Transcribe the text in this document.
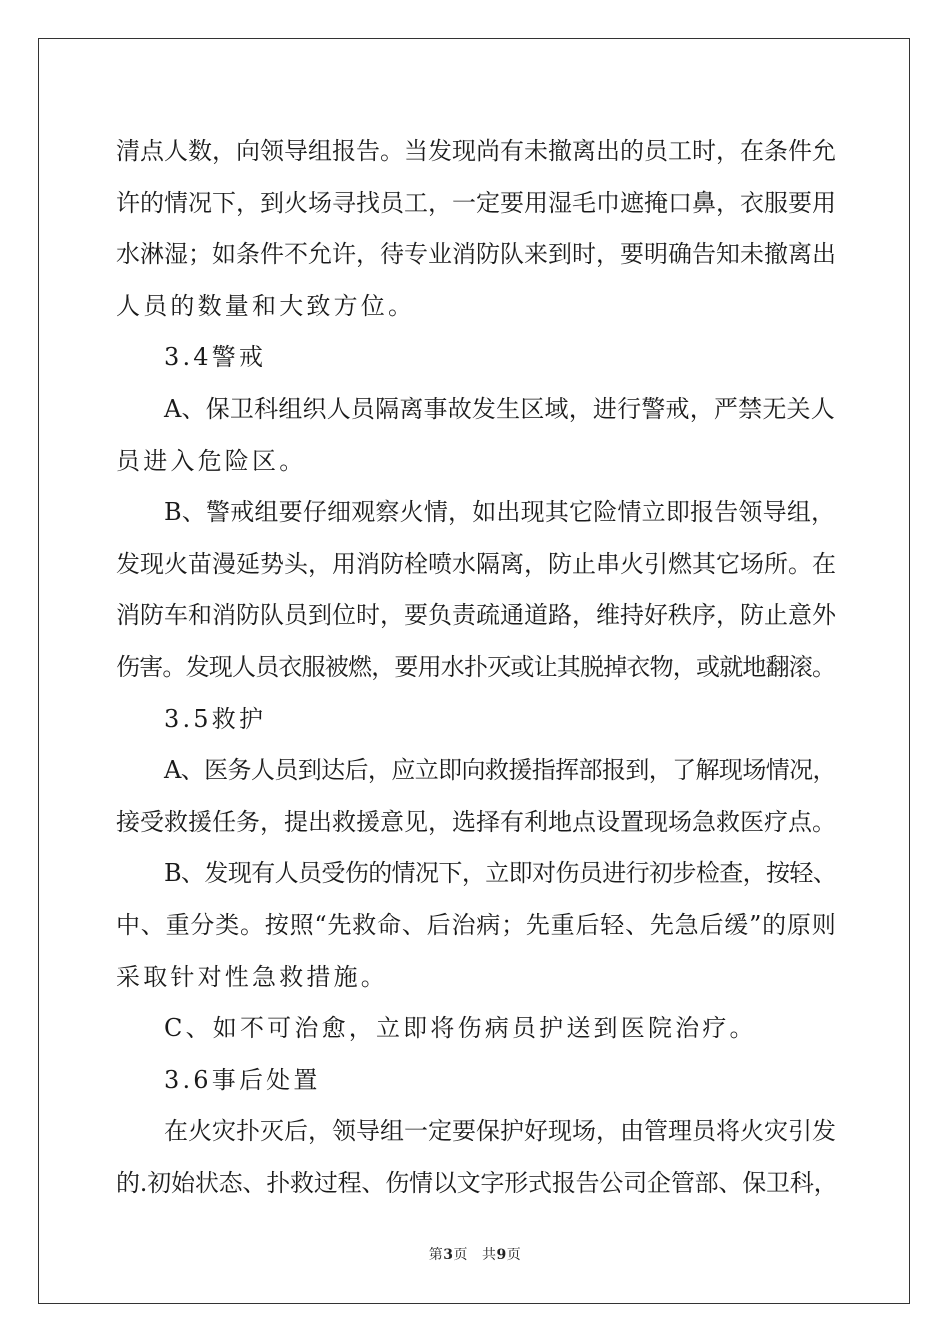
清点人数，向领导组报告。当发现尚有未撤离出的员工时，在条件允
许的情况下，到火场寻找员工，一定要用湿毛巾遮掩口鼻，衣服要用
水淋湿；如条件不允许，待专业消防队来到时，要明确告知未撤离出
人员的数量和大致方位。
3.4警戒
A、保卫科组织人员隔离事故发生区域，进行警戒，严禁无关人
员进入危险区。
B、警戒组要仔细观察火情，如出现其它险情立即报告领导组，
发现火苗漫延势头，用消防栓喷水隔离，防止串火引燃其它场所。在
消防车和消防队员到位时，要负责疏通道路，维持好秩序，防止意外
伤害。发现人员衣服被燃，要用水扑灭或让其脱掉衣物，或就地翻滚。
3.5救护
A、医务人员到达后，应立即向救援指挥部报到，了解现场情况，
接受救援任务，提出救援意见，选择有利地点设置现场急救医疗点。
B、发现有人员受伤的情况下，立即对伤员进行初步检查，按轻、
中、重分类。按照“先救命、后治病；先重后轻、先急后缓”的原则
采取针对性急救措施。
C、如不可治愈，立即将伤病员护送到医院治疗。
3.6事后处置
在火灾扑灭后，领导组一定要保护好现场，由管理员将火灾引发
的.初始状态、扑救过程、伤情以文字形式报告公司企管部、保卫科，
第3页 共9页
